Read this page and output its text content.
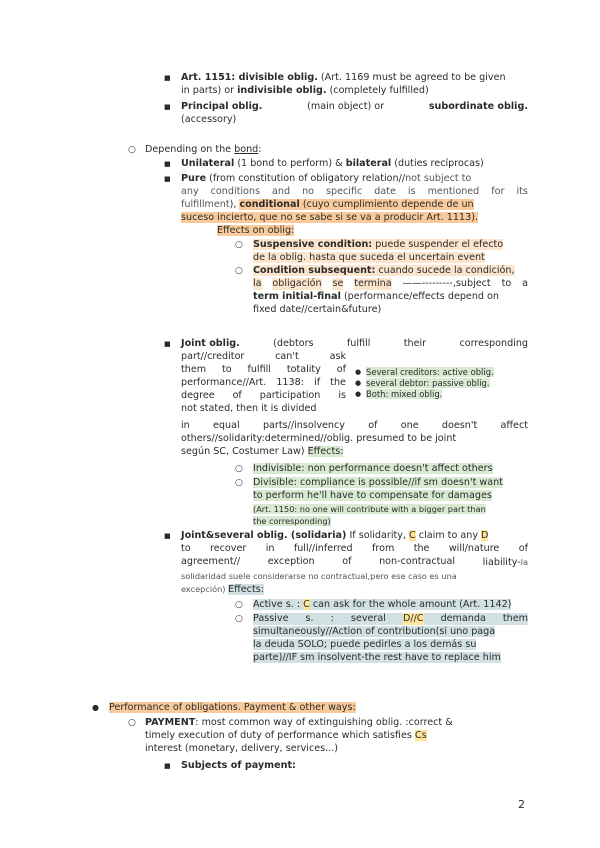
■
Art. 1151: divisible oblig. (Art. 1169 must be agreed to be given
in parts) or indivisible oblig. (completely fulfilled)
■
Principal oblig.	(main object) or	subordinate oblig.
(accessory)
○
Depending on the bond:
■
Unilateral (1 bond to perform) & bilateral (duties recíprocas)
■
Pure (from constitution of obligatory relation//not subject to
any conditions and no specific date is mentioned for its
fulfillment), conditional (cuyo cumplimiento depende de un
suceso incierto, que no se sabe si se va a producir Art. 1113).
Effects on oblig:
○
Suspensive condition: puede suspender el efecto
de la oblig. hasta que suceda el uncertain event
○
Condition subsequent: cuando sucede la condición,
la obligación se termina ——---------,subject to a
term initial-final (performance/effects depend on
fixed date//certain&future)
■
Joint oblig.	(debtors	fulfill	their	corresponding
part//creditor	can't	ask
them to fulfill totality of
performance//Art. 1138: if the
degree of participation is
not stated, then it is divided
● Several creditors: active oblig.
● several debtor: passive oblig.
● Both: mixed oblig.
in equal parts//insolvency of one doesn't affect
others//solidarity:determined//oblig. presumed to be joint
según SC, Costumer Law) Effects:
○
Indivisible: non performance doesn't affect others
○
Divisible: compliance is possible//if sm doesn't want
to perform he'll have to compensate for damages
(Art. 1150: no one will contribute with a bigger part than
the corresponding)
■
Joint&several oblig. (solidaria) If solidarity, C claim to any D
to recover in full//inferred from the will/nature of
agreement//	exception	of	non-contractual	liability-la
solidaridad suele considerarse no contractual,pero ese caso es una
excepción) Effects:
○
Active s. : C can ask for the whole amount (Art. 1142)
○
Passive s. : several D//C demanda them
simultaneously//Action of contribution(si uno paga
la deuda SOLO; puede pedirles a los demás su
parte)//IF sm insolvent-the rest have to replace him
●
Performance of obligations. Payment & other ways:
○
PAYMENT: most common way of extinguishing oblig. :correct &
timely execution of duty of performance which satisfies Cs
interest (monetary, delivery, services...)
■
Subjects of payment:
2
